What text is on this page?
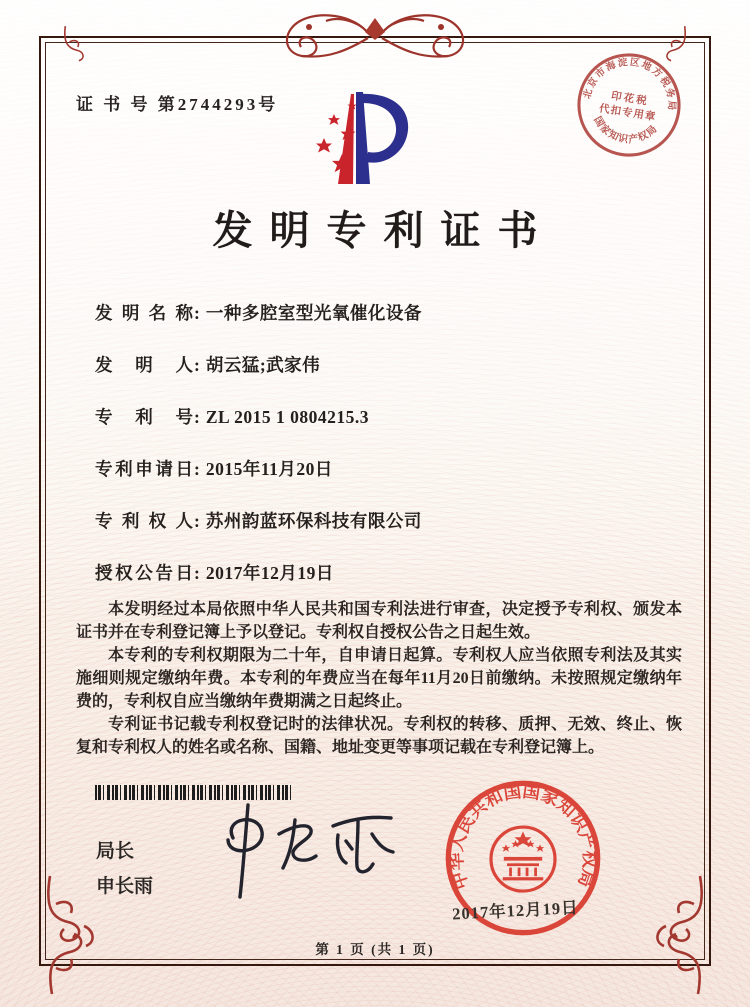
证 书 号 第2744293号
北京市海淀区地方税务局
国家知识产权局
印花税
代扣专用章
发明专利证书
发明名称: 一种多腔室型光氧催化设备
发明人: 胡云猛;武家伟
专利号: ZL 2015 1 0804215.3
专利申请日: 2015年11月20日
专利权人: 苏州韵蓝环保科技有限公司
授权公告日: 2017年12月19日

本发明经过本局依照中华人民共和国专利法进行审查，决定授予专利权、颁发本证书并在专利登记簿上予以登记。专利权自授权公告之日起生效。

本专利的专利权期限为二十年，自申请日起算。专利权人应当依照专利法及其实施细则规定缴纳年费。本专利的年费应当在每年11月20日前缴纳。未按照规定缴纳年费的，专利权自应当缴纳年费期满之日起终止。

专利证书记载专利权登记时的法律状况。专利权的转移、质押、无效、终止、恢复和专利权人的姓名或名称、国籍、地址变更等事项记载在专利登记簿上。

局长
申长雨	中华人民共和国国家知识产权局
2017年12月19日
第 1 页 (共 1 页)
